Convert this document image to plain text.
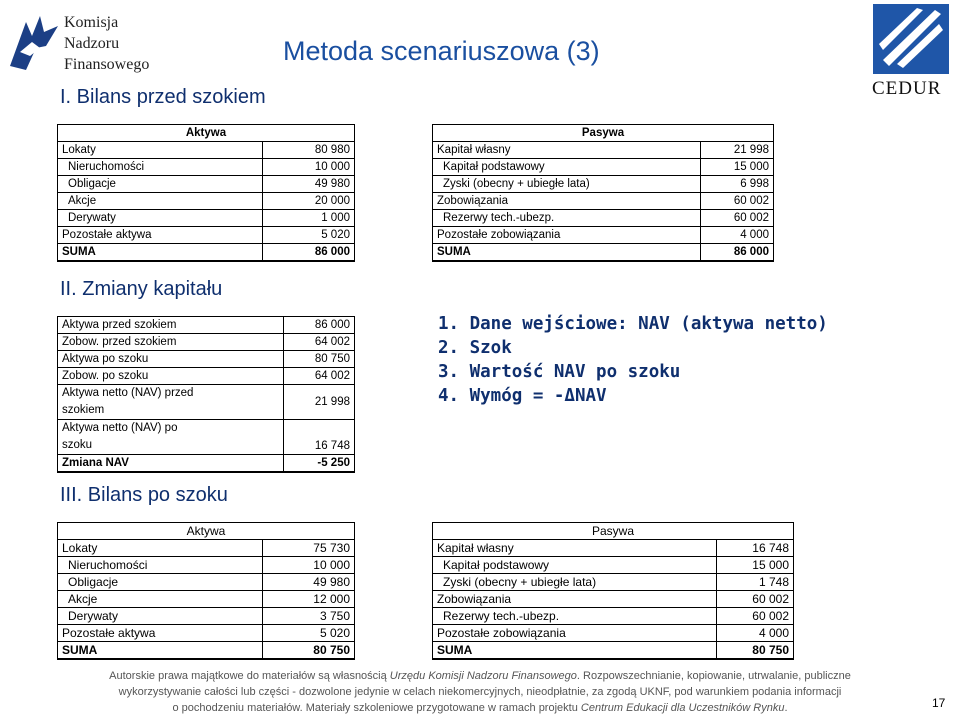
Komisja
Nadzoru
Finansowego
CEDUR
Metoda scenariuszowa (3)
I. Bilans przed szokiem
Aktywa	
Lokaty	80 980
Nieruchomości	10 000
Obligacje	49 980
Akcje	20 000
Derywaty	1 000
Pozostałe aktywa	5 020
SUMA	86 000
Pasywa	
Kapitał własny	21 998
Kapitał podstawowy	15 000
Zyski (obecny + ubiegłe lata)	6 998
Zobowiązania	60 002
Rezerwy tech.-ubezp.	60 002
Pozostałe zobowiązania	4 000
SUMA	86 000
II. Zmiany kapitału
Aktywa przed szokiem	86 000
Zobow. przed szokiem	64 002
Aktywa po szoku	80 750
Zobow. po szoku	64 002
Aktywa netto (NAV) przed
szokiem	21 998
Aktywa netto (NAV) po
szoku	16 748
Zmiana NAV	-5 250
1. Dane wejściowe: NAV (aktywa netto)
2. Szok
3. Wartość NAV po szoku
4. Wymóg = -ΔNAV
III. Bilans po szoku
Aktywa	
Lokaty	75 730
Nieruchomości	10 000
Obligacje	49 980
Akcje	12 000
Derywaty	3 750
Pozostałe aktywa	5 020
SUMA	80 750
Pasywa	
Kapitał własny	16 748
Kapitał podstawowy	15 000
Zyski (obecny + ubiegłe lata)	1 748
Zobowiązania	60 002
Rezerwy tech.-ubezp.	60 002
Pozostałe zobowiązania	4 000
SUMA	80 750
Autorskie prawa majątkowe do materiałów są własnością Urzędu Komisji Nadzoru Finansowego. Rozpowszechnianie, kopiowanie, utrwalanie, publiczne
wykorzystywanie całości lub części - dozwolone jedynie w celach niekomercyjnych, nieodpłatnie, za zgodą UKNF, pod warunkiem podania informacji
o pochodzeniu materiałów. Materiały szkoleniowe przygotowane w ramach projektu Centrum Edukacji dla Uczestników Rynku.	17
